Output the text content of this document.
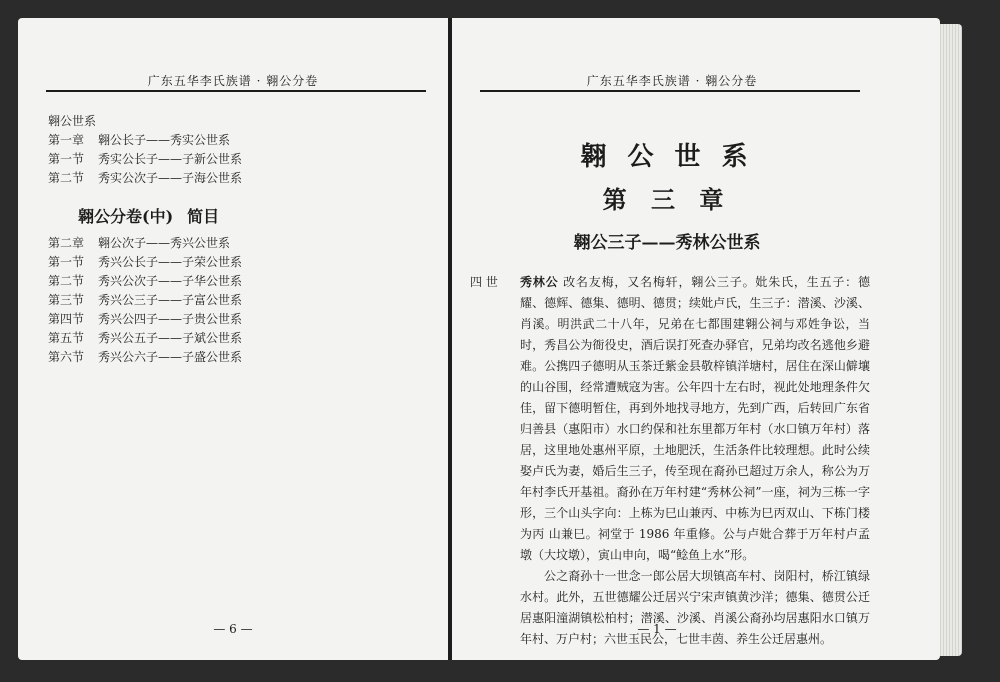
广东五华李氏族谱 · 翱公分卷
翱公世系
第一章 翱公长子——秀实公世系
第一节 秀实公长子——子新公世系
第二节 秀实公次子——子海公世系
翱公分卷(中) 简目
第二章 翱公次子——秀兴公世系
第一节 秀兴公长子——子荣公世系
第二节 秀兴公次子——子华公世系
第三节 秀兴公三子——子富公世系
第四节 秀兴公四子——子贵公世系
第五节 秀兴公五子——子斌公世系
第六节 秀兴公六子——子盛公世系
— 6 —
广东五华李氏族谱 · 翱公分卷
翱 公 世 系
第 三 章
翱公三子——秀林公世系
四 世	秀林公 改名友梅，又名梅轩，翱公三子。妣朱氏，生五子：德耀、德辉、德集、德明、德贯；续妣卢氏，生三子：潜溪、沙溪、肖溪。明洪武二十八年，兄弟在七都围建翱公祠与邓姓争讼，当时，秀昌公为衙役史，酒后误打死查办驿官，兄弟均改名逃他乡避难。公携四子德明从玉茶迁紫金县敬梓镇洋塘村，居住在深山僻壤的山谷围，经常遭贼寇为害。公年四十左右时，视此处地理条件欠佳，留下德明暂住，再到外地找寻地方，先到广西，后转回广东省归善县（惠阳市）水口约保和社东里都万年村（水口镇万年村）落居，这里地处惠州平原，土地肥沃，生活条件比较理想。此时公续娶卢氏为妻，婚后生三子，传至现在裔孙已超过万余人，称公为万年村李氏开基祖。裔孙在万年村建“秀林公祠”一座，祠为三栋一字形，三个山头字向：上栋为巳山兼丙、中栋为巳丙双山、下栋门楼为丙 山兼巳。祠堂于 1986 年重修。公与卢妣合葬于万年村卢孟墩（大坟墩），寅山申向，喝“鲶鱼上水”形。
公之裔孙十一世念一郎公居大坝镇高车村、岗阳村，桥江镇绿水村。此外，五世德耀公迁居兴宁宋声镇黄沙洋；德集、德贯公迁居惠阳潼湖镇松柏村；潜溪、沙溪、肖溪公裔孙均居惠阳水口镇万年村、万户村；六世玉民公，七世丰茵、养生公迁居惠州。
— 1 —
